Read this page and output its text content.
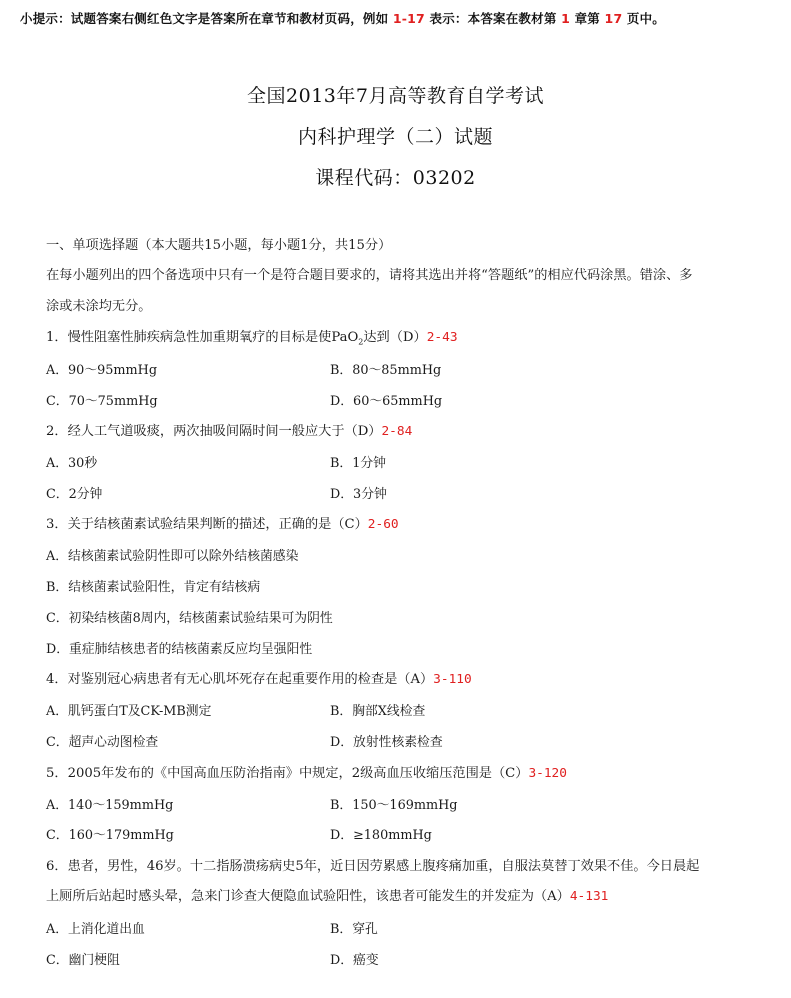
小提示：试题答案右侧红色文字是答案所在章节和教材页码，例如 1-17 表示：本答案在教材第 1 章第 17 页中。
全国2013年7月高等教育自学考试
内科护理学（二）试题
课程代码：03202
一、单项选择题（本大题共15小题，每小题1分，共15分）
在每小题列出的四个备选项中只有一个是符合题目要求的，请将其选出并将“答题纸”的相应代码涂黑。错涂、多
涂或未涂均无分。
1．慢性阻塞性肺疾病急性加重期氧疗的目标是使PaO$_2$达到（D）2-43
A．90～95mmHg	B．80～85mmHg
C．70～75mmHg	D．60～65mmHg
2．经人工气道吸痰，两次抽吸间隔时间一般应大于（D）2-84
A．30秒	B．1分钟
C．2分钟	D．3分钟
3．关于结核菌素试验结果判断的描述，正确的是（C）2-60
A．结核菌素试验阴性即可以除外结核菌感染
B．结核菌素试验阳性，肯定有结核病
C．初染结核菌8周内，结核菌素试验结果可为阴性
D．重症肺结核患者的结核菌素反应均呈强阳性
4．对鉴别冠心病患者有无心肌坏死存在起重要作用的检查是（A）3-110
A．肌钙蛋白T及CK-MB测定	B．胸部X线检查
C．超声心动图检查	D．放射性核素检查
5．2005年发布的《中国高血压防治指南》中规定，2级高血压收缩压范围是（C）3-120
A．140～159mmHg	B．150～169mmHg
C．160～179mmHg	D．≥180mmHg
6．患者，男性，46岁。十二指肠溃疡病史5年，近日因劳累感上腹疼痛加重，自服法莫替丁效果不佳。今日晨起
上厕所后站起时感头晕，急来门诊查大便隐血试验阳性，该患者可能发生的并发症为（A）4-131
A．上消化道出血	B．穿孔
C．幽门梗阻	D．癌变
